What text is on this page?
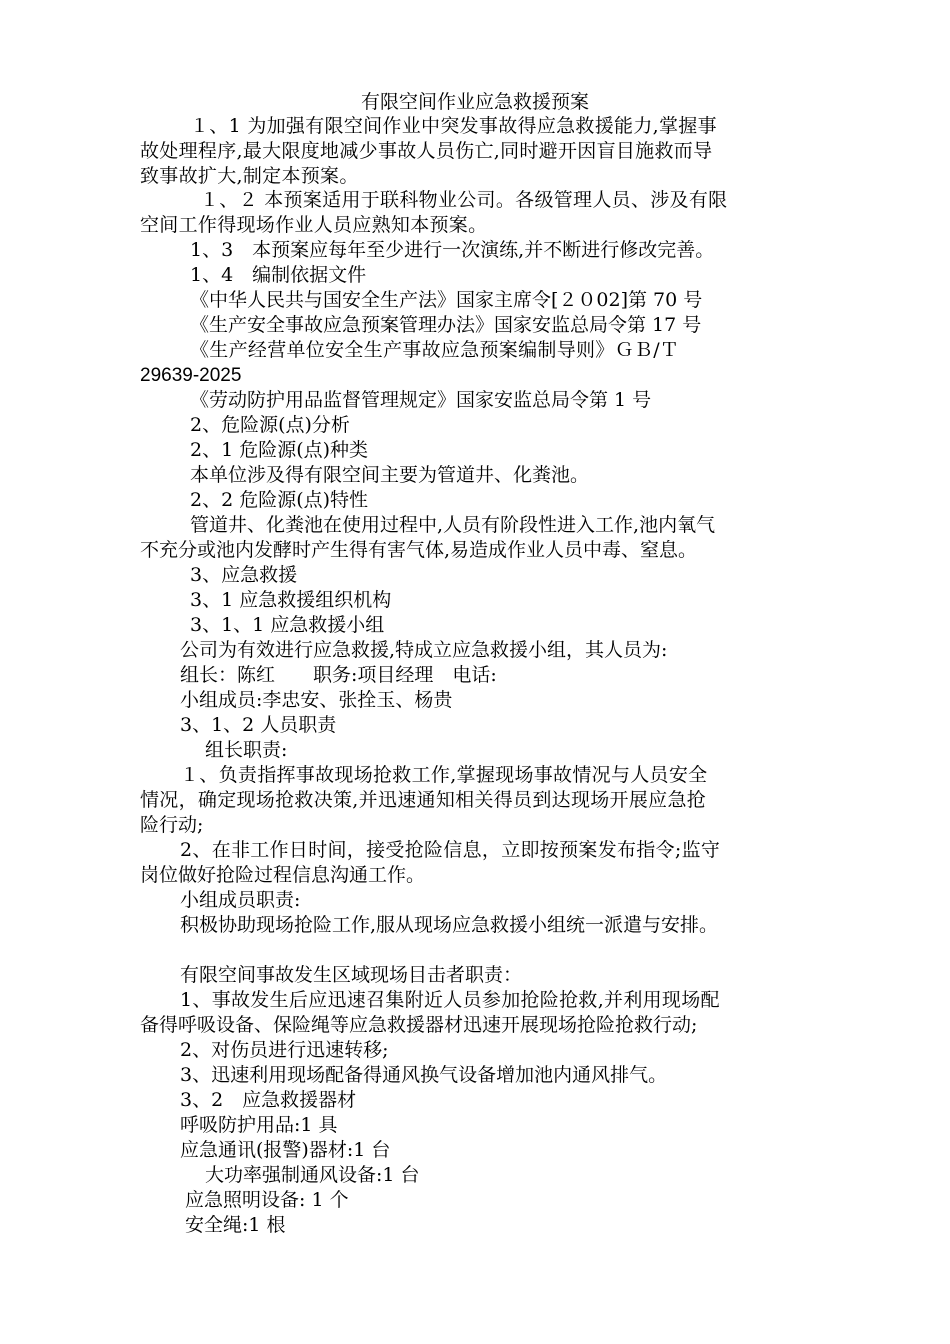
有限空间作业应急救援预案
１、1 为加强有限空间作业中突发事故得应急救援能力,掌握事
故处理程序,最大限度地减少事故人员伤亡,同时避开因盲目施救而导
致事故扩大,制定本预案。
１、２ 本预案适用于联科物业公司。各级管理人员、涉及有限
空间工作得现场作业人员应熟知本预案。
1、3　本预案应每年至少进行一次演练,并不断进行修改完善。
1、4　编制依据文件
《中华人民共与国安全生产法》国家主席令[２０02]第 70 号
《生产安全事故应急预案管理办法》国家安监总局令第 17 号
《生产经营单位安全生产事故应急预案编制导则》ＧＢ/Ｔ
29639-2025
《劳动防护用品监督管理规定》国家安监总局令第 1 号
2、危险源(点)分析
2、1 危险源(点)种类
本单位涉及得有限空间主要为管道井、化粪池。
2、2 危险源(点)特性
管道井、化粪池在使用过程中,人员有阶段性进入工作,池内氧气
不充分或池内发酵时产生得有害气体,易造成作业人员中毒、窒息。
3、应急救援
3、1 应急救援组织机构
3、1、1 应急救援小组
公司为有效进行应急救援,特成立应急救援小组，其人员为:
组长：陈红　　职务:项目经理　电话:
小组成员:李忠安、张拴玉、杨贵
3、1、2 人员职责
组长职责:
１、负责指挥事故现场抢救工作,掌握现场事故情况与人员安全
情况，确定现场抢救决策,并迅速通知相关得员到达现场开展应急抢
险行动;
2、在非工作日时间，接受抢险信息，立即按预案发布指令;监守
岗位做好抢险过程信息沟通工作。
小组成员职责:
积极协助现场抢险工作,服从现场应急救援小组统一派遣与安排。
有限空间事故发生区域现场目击者职责：
1、事故发生后应迅速召集附近人员参加抢险抢救,并利用现场配
备得呼吸设备、保险绳等应急救援器材迅速开展现场抢险抢救行动;
2、对伤员进行迅速转移;
3、迅速利用现场配备得通风换气设备增加池内通风排气。
3、2　应急救援器材
呼吸防护用品:1 具
应急通讯(报警)器材:1 台
大功率强制通风设备:1 台
应急照明设备: 1 个
安全绳:1 根
